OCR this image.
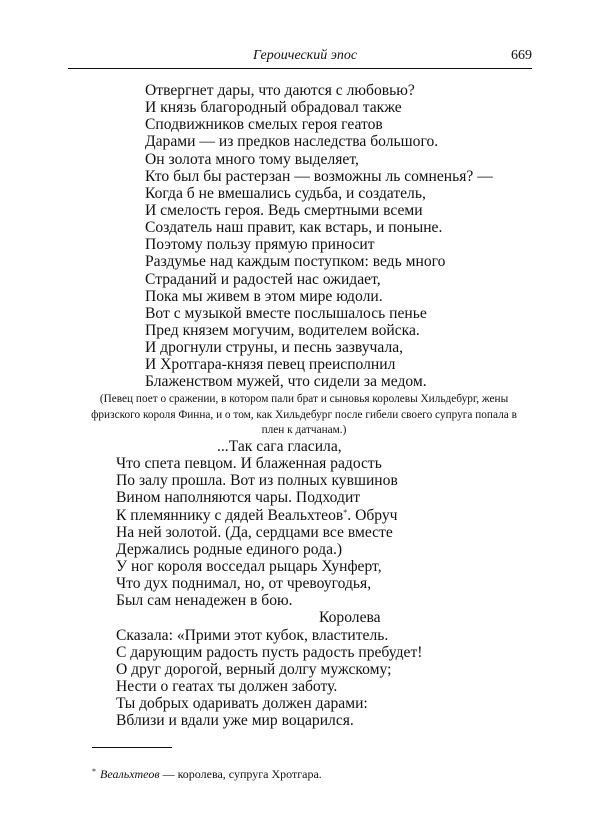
Героический эпос	669
Отвергнет дары, что даются с любовью?
И князь благородный обрадовал также
Сподвижников смелых героя геатов
Дарами — из предков наследства большого.
Он золота много тому выделяет,
Кто был бы растерзан — возможны ль сомненья? —
Когда б не вмешались судьба, и создатель,
И смелость героя. Ведь смертными всеми
Создатель наш правит, как встарь, и поныне.
Поэтому пользу прямую приносит
Раздумье над каждым поступком: ведь много
Страданий и радостей нас ожидает,
Пока мы живем в этом мире юдоли.
Вот с музыкой вместе послышалось пенье
Пред князем могучим, водителем войска.
И дрогнули струны, и песнь зазвучала,
И Хротгара-князя певец преисполнил
Блаженством мужей, что сидели за медом.
(Певец поет о сражении, в котором пали брат и сыновья королевы Хильдебург, жены
фризского короля Финна, и о том, как Хильдебург после гибели своего супруга попала в
плен к датчанам.)
...Так сага гласила,
Что спета певцом. И блаженная радость
По залу прошла. Вот из полных кувшинов
Вином наполняются чары. Подходит
К племяннику с дядей Веальхтеов*. Обруч
На ней золотой. (Да, сердцами все вместе
Держались родные единого рода.)
У ног короля восседал рыцарь Хунферт,
Что дух поднимал, но, от чревоугодья,
Был сам ненадежен в бою.
Королева
Сказала: «Прими этот кубок, властитель.
С дарующим радость пусть радость пребудет!
О друг дорогой, верный долгу мужскому;
Нести о геатах ты должен заботу.
Ты добрых одаривать должен дарами:
Вблизи и вдали уже мир воцарился.
* Веальхтеов — королева, супруга Хротгара.
